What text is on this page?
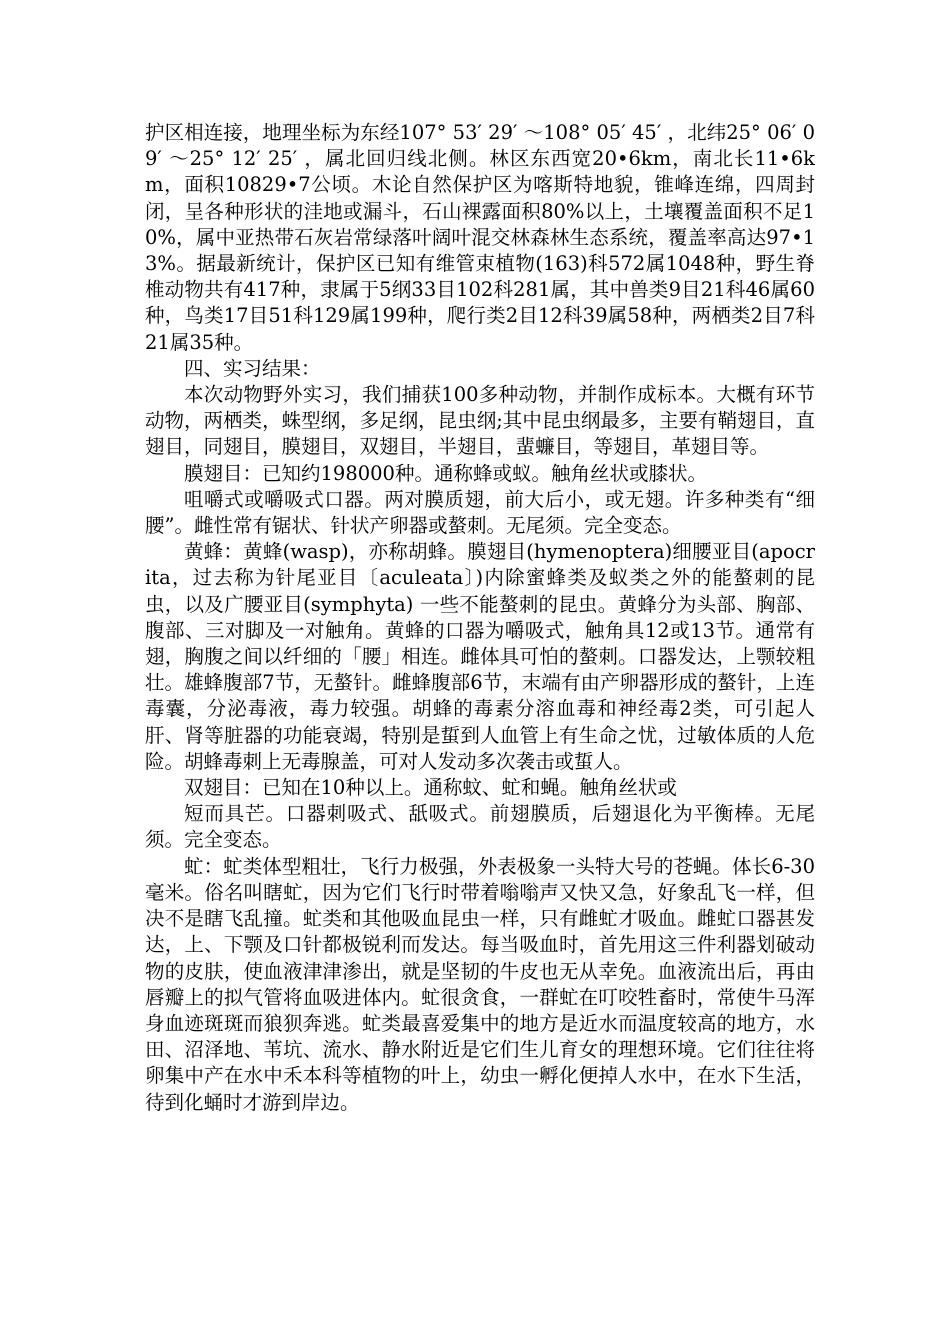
护区相连接，地理坐标为东经107° 53′ 29′ ～108° 05′ 45′ ，北纬25° 06′ 09′ ～25° 12′ 25′ ，属北回归线北侧。林区东西宽20•6km，南北长11•6km，面积10829•7公顷。木论自然保护区为喀斯特地貌，锥峰连绵，四周封闭，呈各种形状的洼地或漏斗，石山裸露面积80%以上，土壤覆盖面积不足10%，属中亚热带石灰岩常绿落叶阔叶混交林森林生态系统，覆盖率高达97•13%。据最新统计，保护区已知有维管束植物(163)科572属1048种，野生脊椎动物共有417种，隶属于5纲33目102科281属，其中兽类9目21科46属60种，鸟类17目51科129属199种，爬行类2目12科39属58种，两栖类2目7科21属35种。

四、实习结果：

本次动物野外实习，我们捕获100多种动物，并制作成标本。大概有环节动物，两栖类，蛛型纲，多足纲，昆虫纲;其中昆虫纲最多，主要有鞘翅目，直翅目，同翅目，膜翅目，双翅目，半翅目，蜚蠊目，等翅目，革翅目等。

膜翅目：已知约198000种。通称蜂或蚁。触角丝状或膝状。

咀嚼式或嚼吸式口器。两对膜质翅，前大后小，或无翅。许多种类有“细腰”。雌性常有锯状、针状产卵器或螯刺。无尾须。完全变态。

黄蜂：黄蜂(wasp)，亦称胡蜂。膜翅目(hymenoptera)细腰亚目(apocrita，过去称为针尾亚目〔aculeata〕)内除蜜蜂类及蚁类之外的能螯刺的昆虫，以及广腰亚目(symphyta) 一些不能螯刺的昆虫。黄蜂分为头部、胸部、腹部、三对脚及一对触角。黄蜂的口器为嚼吸式，触角具12或13节。通常有翅，胸腹之间以纤细的「腰」相连。雌体具可怕的螯刺。口器发达，上颚较粗壮。雄蜂腹部7节，无螯针。雌蜂腹部6节，末端有由产卵器形成的螯针，上连毒囊，分泌毒液，毒力较强。胡蜂的毒素分溶血毒和神经毒2类，可引起人肝、肾等脏器的功能衰竭，特别是蜇到人血管上有生命之忧，过敏体质的人危险。胡蜂毒刺上无毒腺盖，可对人发动多次袭击或蜇人。

双翅目：已知在10种以上。通称蚊、虻和蝇。触角丝状或

短而具芒。口器刺吸式、舐吸式。前翅膜质，后翅退化为平衡棒。无尾须。完全变态。

虻：虻类体型粗壮，飞行力极强，外表极象一头特大号的苍蝇。体长6-30毫米。俗名叫瞎虻，因为它们飞行时带着嗡嗡声又快又急，好象乱飞一样，但决不是瞎飞乱撞。虻类和其他吸血昆虫一样，只有雌虻才吸血。雌虻口器甚发达，上、下颚及口针都极锐利而发达。每当吸血时，首先用这三件利器划破动物的皮肤，使血液津津渗出，就是坚韧的牛皮也无从幸免。血液流出后，再由唇瓣上的拟气管将血吸进体内。虻很贪食，一群虻在叮咬牲畜时，常使牛马浑身血迹斑斑而狼狈奔逃。虻类最喜爱集中的地方是近水而温度较高的地方，水田、沼泽地、苇坑、流水、静水附近是它们生儿育女的理想环境。它们往往将卵集中产在水中禾本科等植物的叶上，幼虫一孵化便掉人水中，在水下生活，待到化蛹时才游到岸边。
